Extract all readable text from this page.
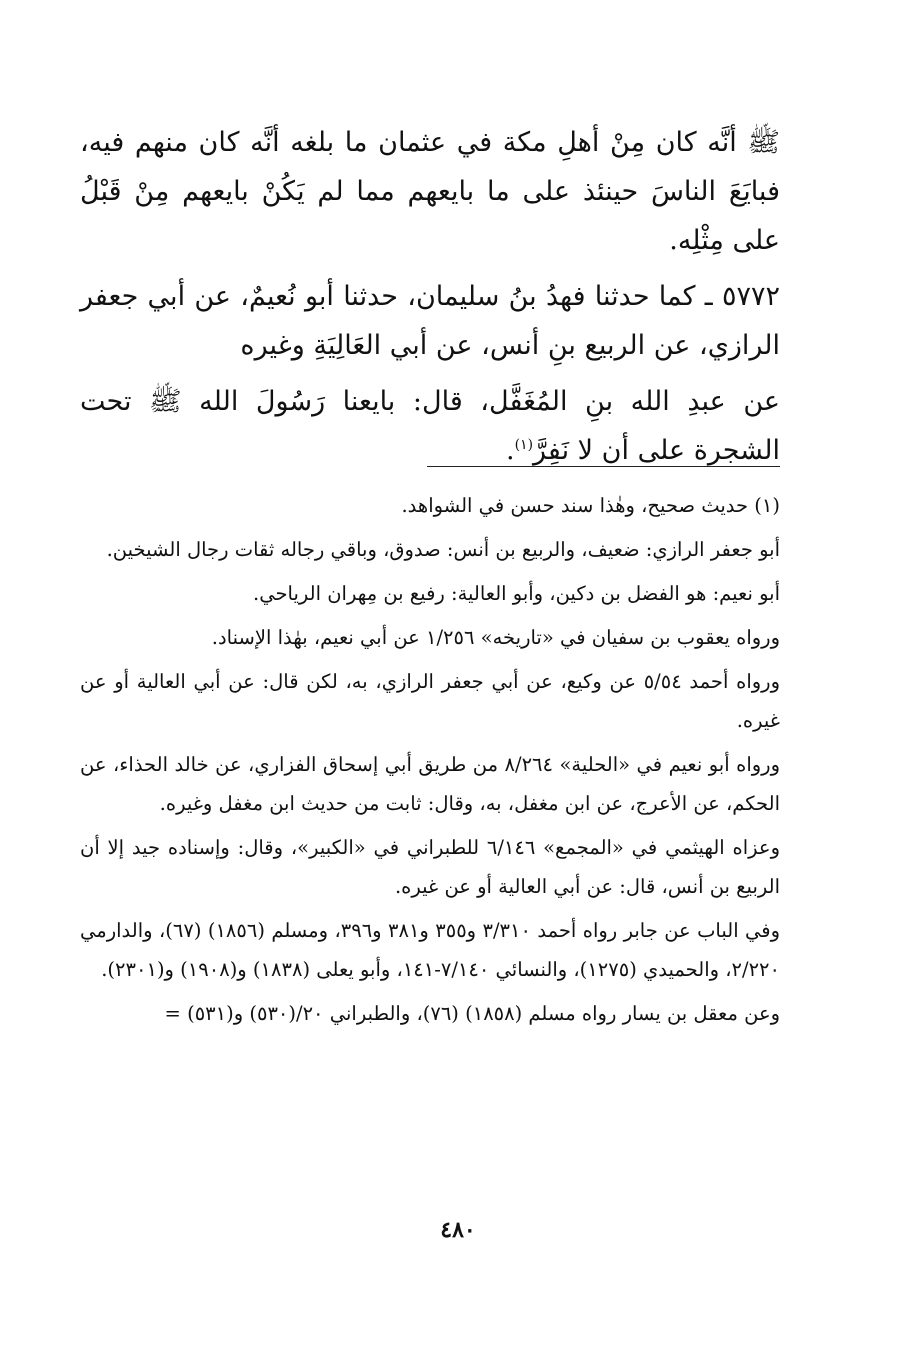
ﷺ أنَّه كان مِنْ أهلِ مكة في عثمان ما بلغه أنَّه كان منهم فيه، فبايَعَ الناسَ حينئذ على ما بايعهم مما لم يَكُنْ بايعهم مِنْ قَبْلُ على مِثْلِه.

٥٧٧٢ ـ كما حدثنا فهدُ بنُ سليمان، حدثنا أبو نُعيمٌ، عن أبي جعفر الرازي، عن الربيع بنِ أنس، عن أبي العَالِيَةِ وغيره

عن عبدِ الله بنِ المُغَفَّل، قال: بايعنا رَسُولَ الله ﷺ تحت الشجرة على أن لا نَفِرَّ$^{(١)}$.

(١) حديث صحيح، وهٰذا سند حسن في الشواهد.

أبو جعفر الرازي: ضعيف، والربيع بن أنس: صدوق، وباقي رجاله ثقات رجال الشيخين.

أبو نعيم: هو الفضل بن دكين، وأبو العالية: رفيع بن مِهران الرياحي.

ورواه يعقوب بن سفيان في «تاريخه» ١/٢٥٦ عن أبي نعيم، بهٰذا الإسناد.

ورواه أحمد ٥/٥٤ عن وكيع، عن أبي جعفر الرازي، به، لكن قال: عن أبي العالية أو عن غيره.

ورواه أبو نعيم في «الحلية» ٨/٢٦٤ من طريق أبي إسحاق الفزاري، عن خالد الحذاء، عن الحكم، عن الأعرج، عن ابن مغفل، به، وقال: ثابت من حديث ابن مغفل وغيره.

وعزاه الهيثمي في «المجمع» ٦/١٤٦ للطبراني في «الكبير»، وقال: وإسناده جيد إلا أن الربيع بن أنس، قال: عن أبي العالية أو عن غيره.

وفي الباب عن جابر رواه أحمد ٣/٣١٠ و٣٥٥ و٣٨١ و٣٩٦، ومسلم (١٨٥٦) (٦٧)، والدارمي ٢/٢٢٠، والحميدي (١٢٧٥)، والنسائي ٧/١٤٠-١٤١، وأبو يعلى (١٨٣٨) و(١٩٠٨) و(٢٣٠١).

وعن معقل بن يسار رواه مسلم (١٨٥٨) (٧٦)، والطبراني ٢٠/(٥٣٠) و(٥٣١) =

٤٨٠
